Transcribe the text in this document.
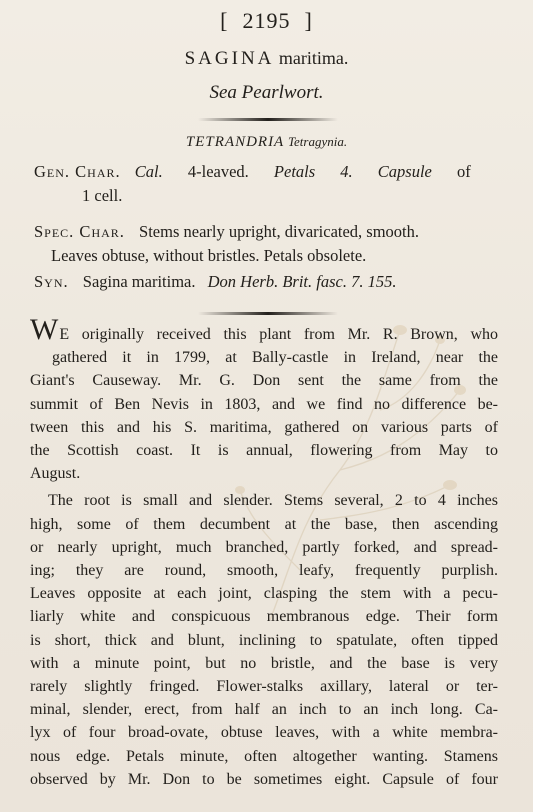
[ 2195 ]
SAGINA maritima.
Sea Pearlwort.
TETRANDRIA Tetragynia.
Gen. Char. Cal. 4-leaved. Petals 4. Capsule of
1 cell.
Spec. Char. Stems nearly upright, divaricated, smooth.
Leaves obtuse, without bristles. Petals obsolete.
Syn. Sagina maritima. Don Herb. Brit. fasc. 7. 155.

WE originally received this plant from Mr. R. Brown, who
gathered it in 1799, at Bally-castle in Ireland, near the
Giant's Causeway. Mr. G. Don sent the same from the
summit of Ben Nevis in 1803, and we find no difference be-
tween this and his S. maritima, gathered on various parts of
the Scottish coast. It is annual, flowering from May to
August.

The root is small and slender. Stems several, 2 to 4 inches
high, some of them decumbent at the base, then ascending
or nearly upright, much branched, partly forked, and spread-
ing; they are round, smooth, leafy, frequently purplish.
Leaves opposite at each joint, clasping the stem with a pecu-
liarly white and conspicuous membranous edge. Their form
is short, thick and blunt, inclining to spatulate, often tipped
with a minute point, but no bristle, and the base is very
rarely slightly fringed. Flower-stalks axillary, lateral or ter-
minal, slender, erect, from half an inch to an inch long. Ca-
lyx of four broad-ovate, obtuse leaves, with a white membra-
nous edge. Petals minute, often altogether wanting. Stamens
observed by Mr. Don to be sometimes eight. Capsule of four
